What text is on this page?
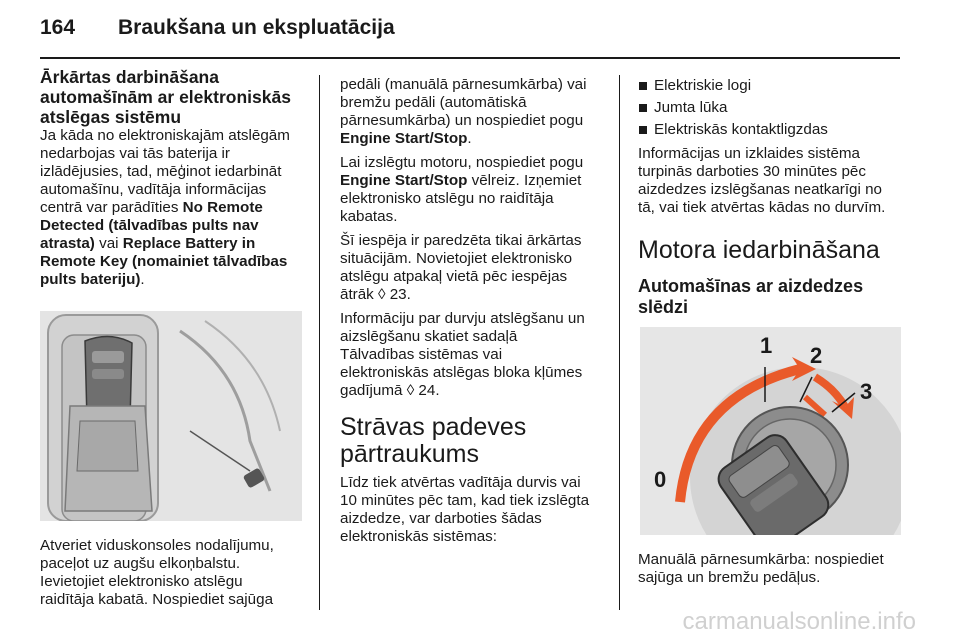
164 Braukšana un ekspluatācija
Ārkārtas darbināšana
automašīnām ar elektroniskās
atslēgas sistēmu

Ja kāda no elektroniskajām atslēgām
nedarbojas vai tās baterija ir
izlādējusies, tad, mēģinot iedarbināt
automašīnu, vadītāja informācijas
centrā var parādīties No Remote
Detected (tālvadības pults nav
atrasta) vai Replace Battery in
Remote Key (nomainiet tālvadības
pults bateriju).

Atveriet viduskonsoles nodalījumu,
paceļot uz augšu elkoņbalstu.
Ievietojiet elektronisko atslēgu
raidītāja kabatā. Nospiediet sajūga

pedāli (manuālā pārnesumkārba) vai
bremžu pedāli (automātiskā
pārnesumkārba) un nospiediet pogu
Engine Start/Stop.

Lai izslēgtu motoru, nospiediet pogu
Engine Start/Stop vēlreiz. Izņemiet
elektronisko atslēgu no raidītāja
kabatas.

Šī iespēja ir paredzēta tikai ārkārtas
situācijām. Novietojiet elektronisko
atslēgu atpakaļ vietā pēc iespējas
ātrāk ◊ 23.

Informāciju par durvju atslēgšanu un
aizslēgšanu skatiet sadaļā
Tālvadības sistēmas vai
elektroniskās atslēgas bloka kļūmes
gadījumā ◊ 24.

Strāvas padeves
pārtraukums

Līdz tiek atvērtas vadītāja durvis vai
10 minūtes pēc tam, kad tiek izslēgta
aizdedze, var darboties šādas
elektroniskās sistēmas:

Elektriskie logi
Jumta lūka
Elektriskās kontaktligzdas

Informācijas un izklaides sistēma
turpinās darboties 30 minūtes pēc
aizdedzes izslēgšanas neatkarīgi no
tā, vai tiek atvērtas kādas no durvīm.

Motora iedarbināšana
Automašīnas ar aizdedzes
slēdzi
1 2
3
0

Manuālā pārnesumkārba: nospiediet
sajūga un bremžu pedāļus.

carmanualsonline.info
